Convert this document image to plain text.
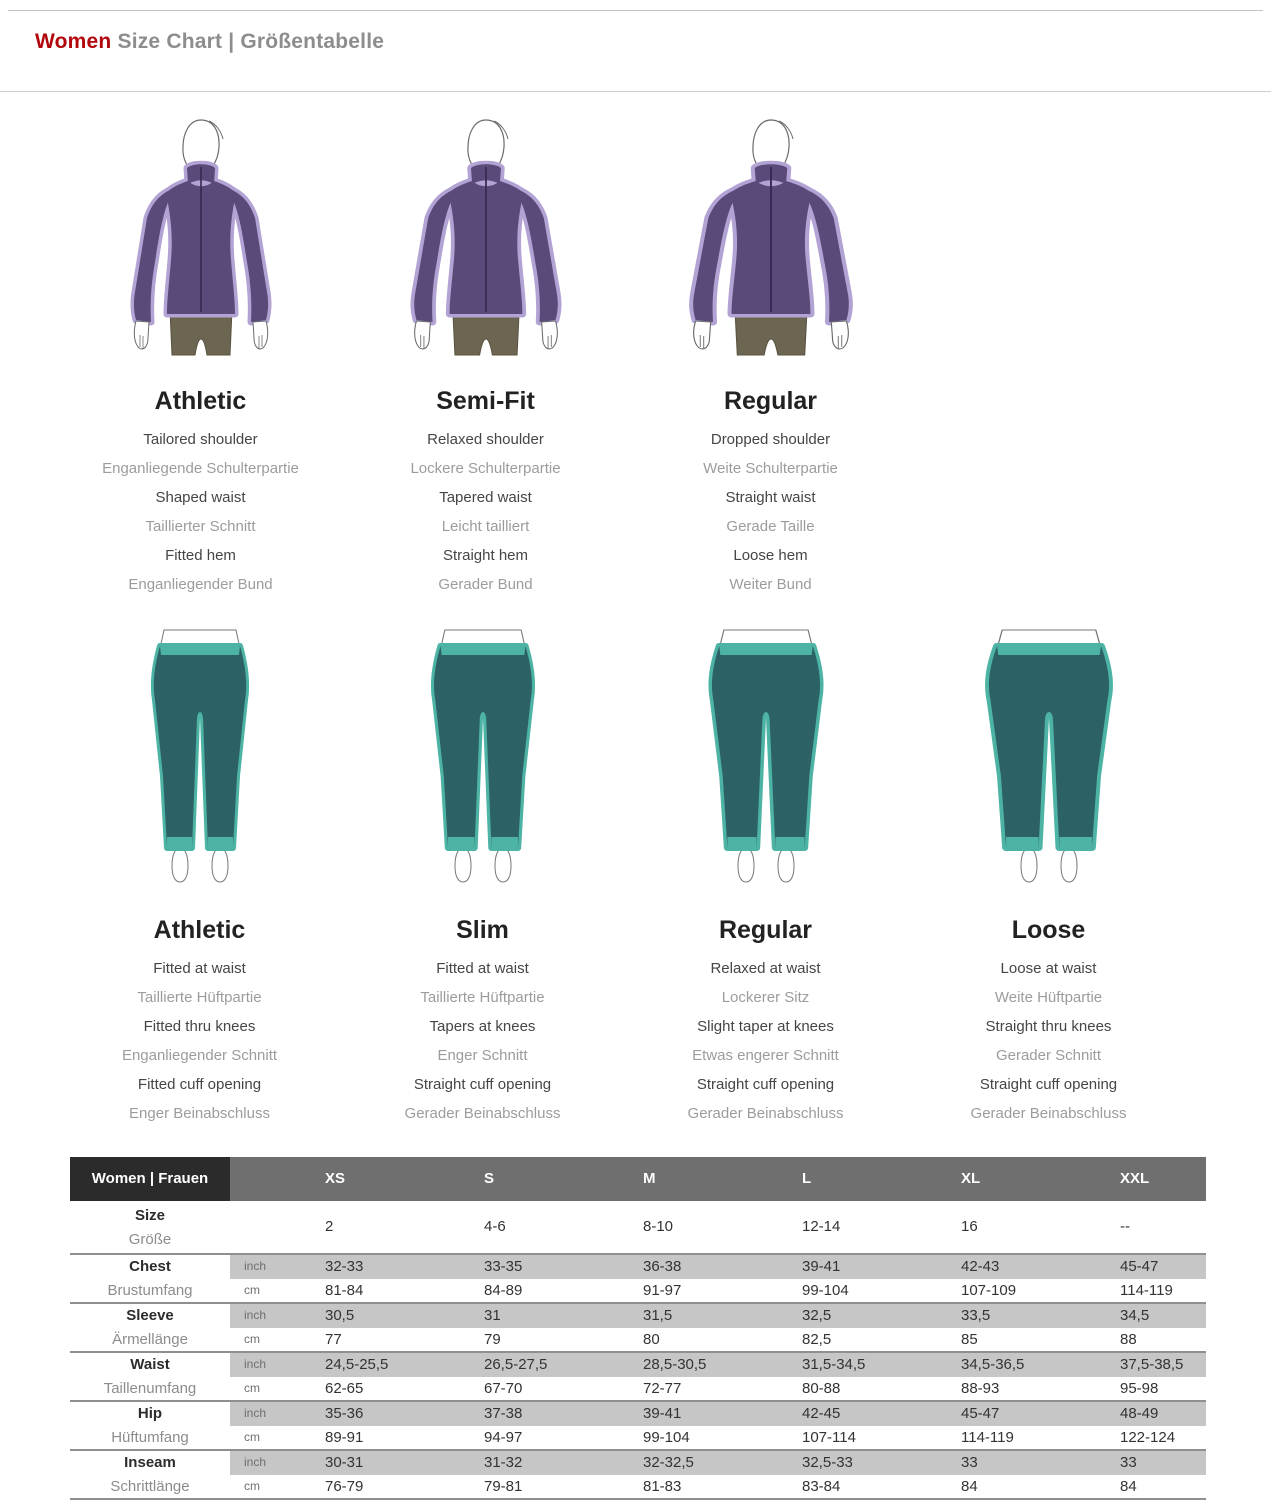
Women Size Chart | Größentabelle
Athletic
Tailored shoulder
Enganliegende Schulterpartie
Shaped waist
Taillierter Schnitt
Fitted hem
Enganliegender Bund
Semi-Fit
Relaxed shoulder
Lockere Schulterpartie
Tapered waist
Leicht tailliert
Straight hem
Gerader Bund
Regular
Dropped shoulder
Weite Schulterpartie
Straight waist
Gerade Taille
Loose hem
Weiter Bund
Athletic
Fitted at waist
Taillierte Hüftpartie
Fitted thru knees
Enganliegender Schnitt
Fitted cuff opening
Enger Beinabschluss
Slim
Fitted at waist
Taillierte Hüftpartie
Tapers at knees
Enger Schnitt
Straight cuff opening
Gerader Beinabschluss
Regular
Relaxed at waist
Lockerer Sitz
Slight taper at knees
Etwas engerer Schnitt
Straight cuff opening
Gerader Beinabschluss
Loose
Loose at waist
Weite Hüftpartie
Straight thru knees
Gerader Schnitt
Straight cuff opening
Gerader Beinabschluss
Women | Frauen	XS	S	M	L	XL	XXL
Size
Größe
2	4-6	8-10	12-14	16	--
Chest	inch	32-33	33-35	36-38	39-41	42-43	45-47
Brustumfang	cm	81-84	84-89	91-97	99-104	107-109	114-119
Sleeve	inch	30,5	31	31,5	32,5	33,5	34,5
Ärmellänge	cm	77	79	80	82,5	85	88
Waist	inch	24,5-25,5	26,5-27,5	28,5-30,5	31,5-34,5	34,5-36,5	37,5-38,5
Taillenumfang	cm	62-65	67-70	72-77	80-88	88-93	95-98
Hip	inch	35-36	37-38	39-41	42-45	45-47	48-49
Hüftumfang	cm	89-91	94-97	99-104	107-114	114-119	122-124
Inseam	inch	30-31	31-32	32-32,5	32,5-33	33	33
Schrittlänge	cm	76-79	79-81	81-83	83-84	84	84
